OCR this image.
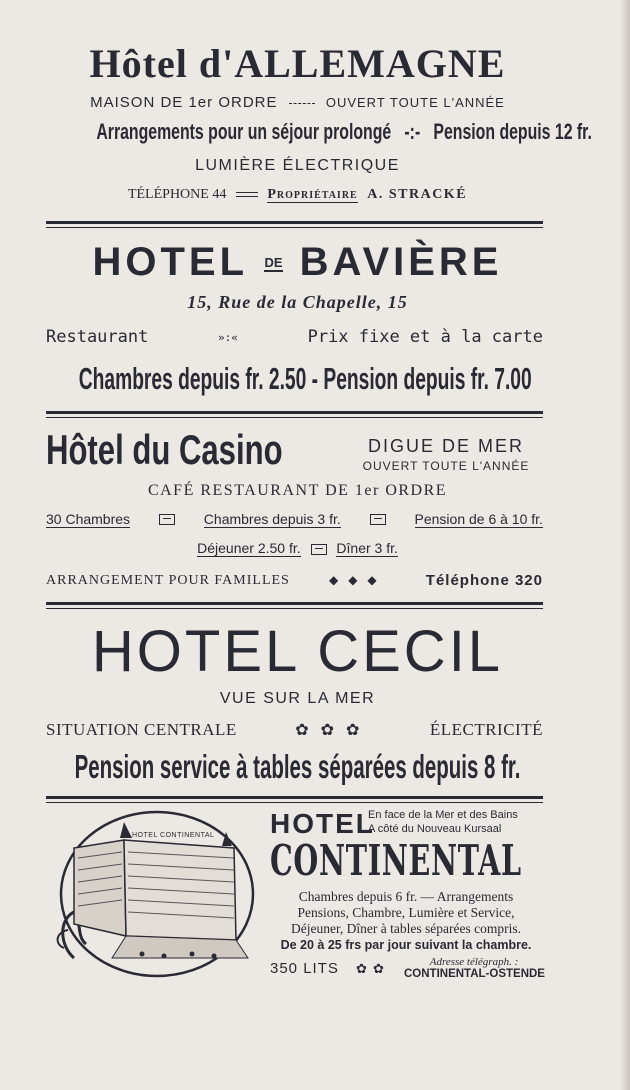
Hôtel d'ALLEMAGNE
MAISON DE 1er ORDRE	OUVERT TOUTE L'ANNÉE
Arrangements pour un séjour prolongé -:- Pension depuis 12 fr.
LUMIÈRE ÉLECTRIQUE
TÉLÉPHONE 44	Propriétaire A. STRACKÉ
HOTEL DE BAVIÈRE
15, Rue de la Chapelle, 15
Restaurant	»:«	Prix fixe et à la carte
Chambres depuis fr. 2.50 - Pension depuis fr. 7.00
Hôtel du Casino	DIGUE DE MER
OUVERT TOUTE L'ANNÉE
CAFÉ RESTAURANT DE 1er ORDRE
30 Chambres	Chambres depuis 3 fr.	Pension de 6 à 10 fr.
Déjeuner 2.50 fr.	Dîner 3 fr.
ARRANGEMENT POUR FAMILLES	◆◆◆	Téléphone 320
HOTEL CECIL
VUE SUR LA MER
SITUATION CENTRALE	✿✿✿	ÉLECTRICITÉ
Pension service à tables séparées depuis 8 fr.
HOTEL CONTINENTAL HOTEL
En face de la Mer et des Bains
A côté du Nouveau Kursaal
CONTINENTAL
Chambres depuis 6 fr. — Arrangements
Pensions, Chambre, Lumière et Service,
Déjeuner, Dîner à tables séparées compris.
De 20 à 25 frs par jour suivant la chambre.
350 LITS ✿✿	Adresse télégraph. :
CONTINENTAL-OSTENDE
